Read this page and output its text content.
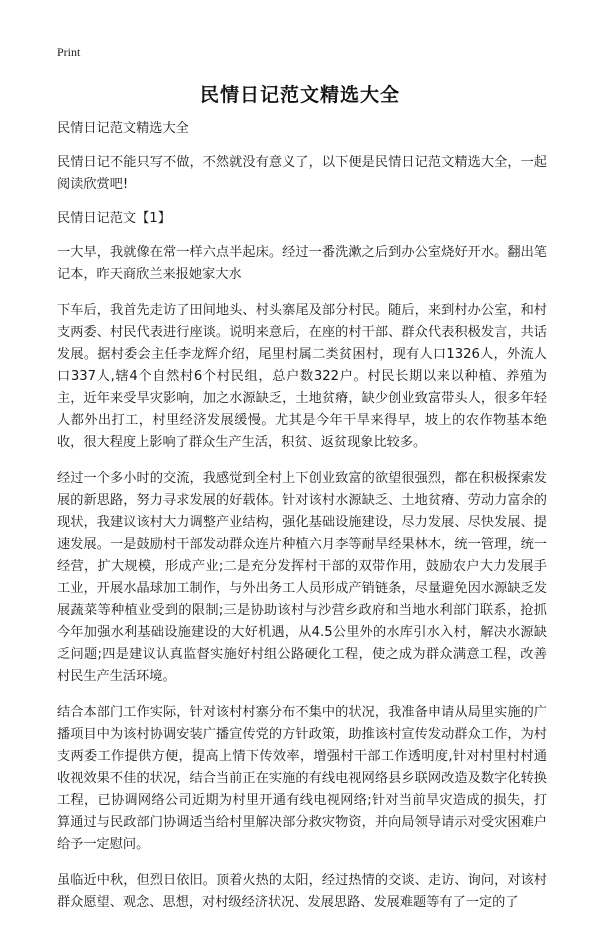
Print
民情日记范文精选大全

民情日记范文精选大全

民情日记不能只写不做，不然就没有意义了，以下便是民情日记范文精选大全，一起阅读欣赏吧!

民情日记范文【1】

一大早，我就像在常一样六点半起床。经过一番洗漱之后到办公室烧好开水。翻出笔记本，昨天商欣兰来报她家大水

下车后，我首先走访了田间地头、村头寨尾及部分村民。随后，来到村办公室，和村支两委、村民代表进行座谈。说明来意后，在座的村干部、群众代表积极发言，共话发展。据村委会主任李龙辉介绍，尾里村属二类贫困村，现有人口1326人，外流人口337人,辖4个自然村6个村民组，总户数322户。村民长期以来以种植、养殖为主，近年来受旱灾影响，加之水源缺乏，土地贫瘠，缺少创业致富带头人，很多年轻人都外出打工，村里经济发展缓慢。尤其是今年干旱来得早，坡上的农作物基本绝收，很大程度上影响了群众生产生活，积贫、返贫现象比较多。

经过一个多小时的交流，我感觉到全村上下创业致富的欲望很强烈，都在积极探索发展的新思路，努力寻求发展的好载体。针对该村水源缺乏、土地贫瘠、劳动力富余的现状，我建议该村大力调整产业结构，强化基础设施建设，尽力发展、尽快发展、提速发展。一是鼓励村干部发动群众连片种植六月李等耐旱经果林木，统一管理，统一经营，扩大规模，形成产业;二是充分发挥村干部的双带作用，鼓励农户大力发展手工业，开展水晶球加工制作，与外出务工人员形成产销链条，尽量避免因水源缺乏发展蔬菜等种植业受到的限制;三是协助该村与沙营乡政府和当地水利部门联系，抢抓今年加强水利基础设施建设的大好机遇，从4.5公里外的水库引水入村，解决水源缺乏问题;四是建议认真监督实施好村组公路硬化工程，使之成为群众满意工程，改善村民生产生活环境。

结合本部门工作实际，针对该村村寨分布不集中的状况，我准备申请从局里实施的广播项目中为该村协调安装广播宣传党的方针政策，助推该村宣传发动群众工作，为村支两委工作提供方便，提高上情下传效率，增强村干部工作透明度,针对村里村村通收视效果不佳的状况，结合当前正在实施的有线电视网络县乡联网改造及数字化转换工程，已协调网络公司近期为村里开通有线电视网络;针对当前旱灾造成的损失，打算通过与民政部门协调适当给村里解决部分救灾物资，并向局领导请示对受灾困难户给予一定慰问。

虽临近中秋，但烈日依旧。顶着火热的太阳，经过热情的交谈、走访、询问，对该村群众愿望、观念、思想，对村级经济状况、发展思路、发展难题等有了一定的了
